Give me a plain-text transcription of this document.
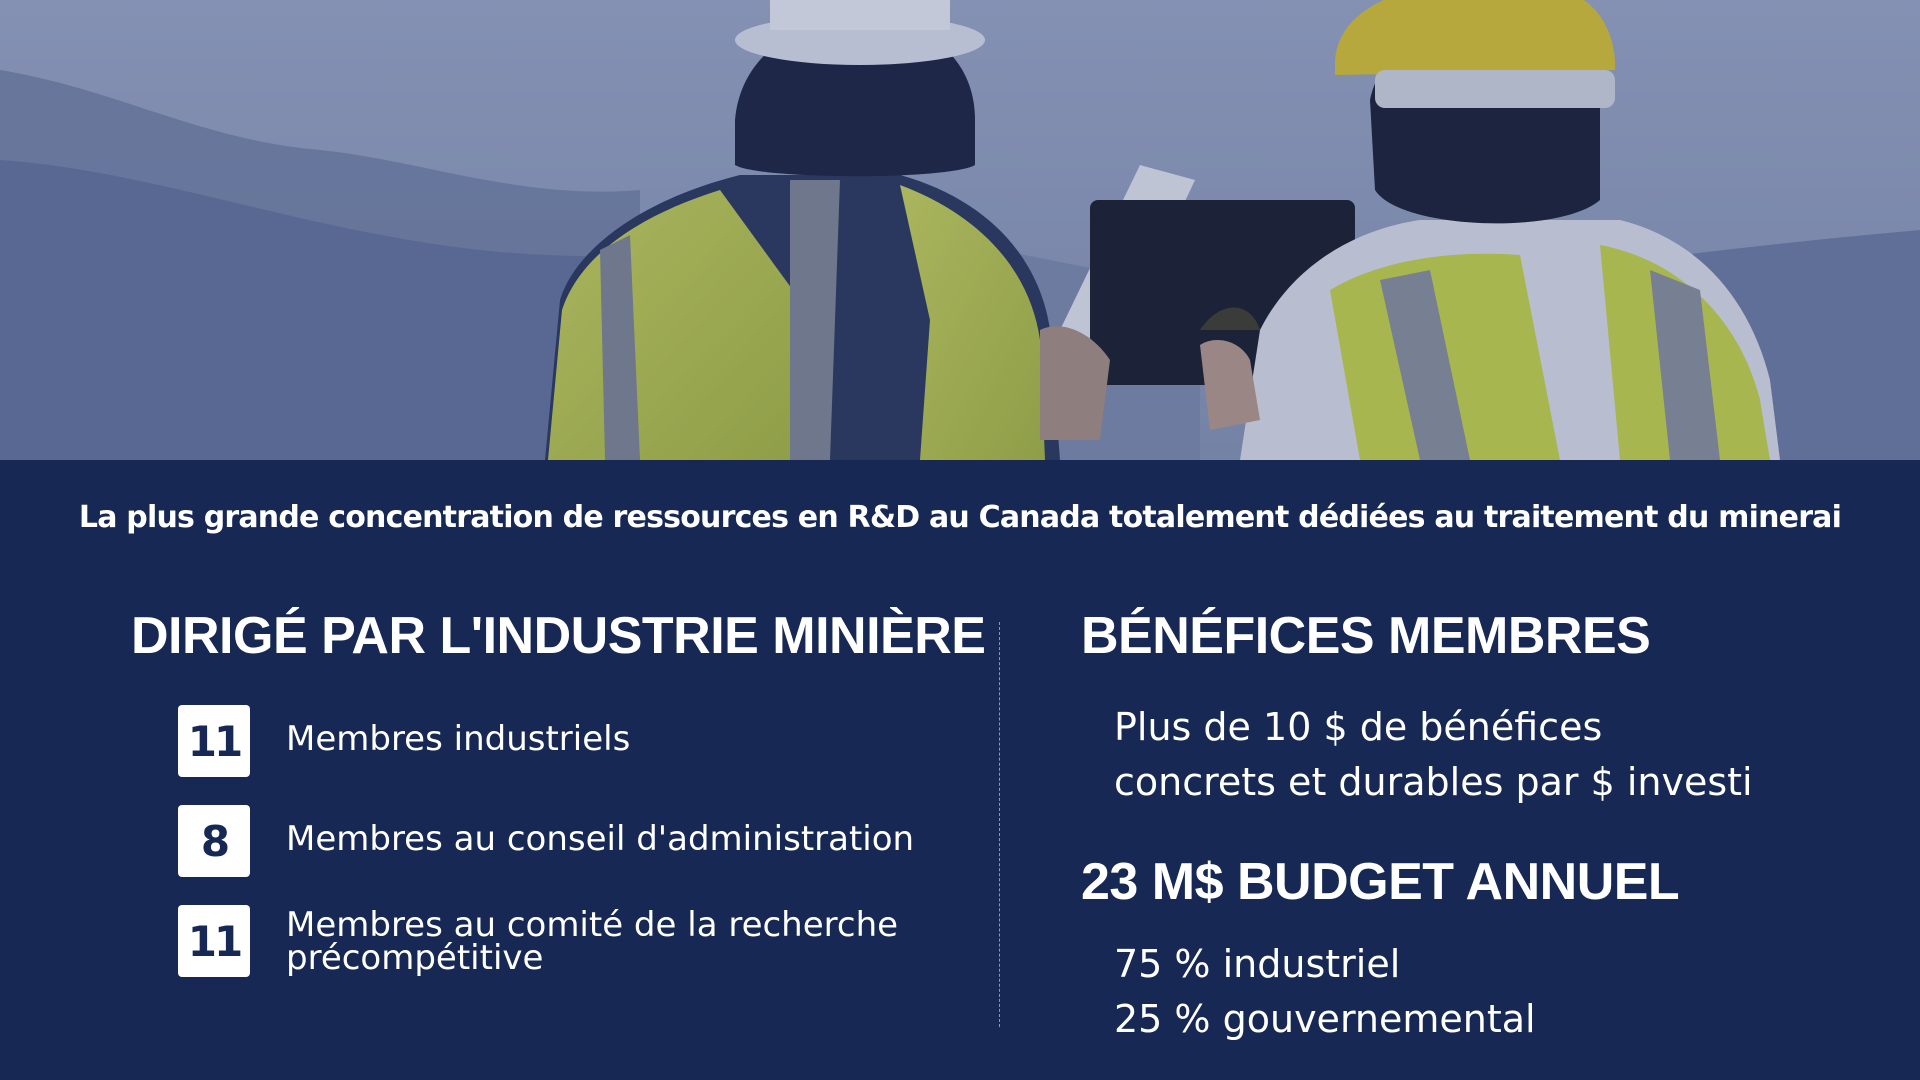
La plus grande concentration de ressources en R&D au Canada totalement dédiées au traitement du minerai
DIRIGÉ PAR L'INDUSTRIE MINIÈRE
11 Membres industriels
8	Membres au conseil d'administration
11 Membres au comité de la recherche précompétitive
BÉNÉFICES MEMBRES
Plus de 10 $ de bénéfices
concrets et durables par $ investi
23 M$ BUDGET ANNUEL
75 % industriel
25 % gouvernemental
